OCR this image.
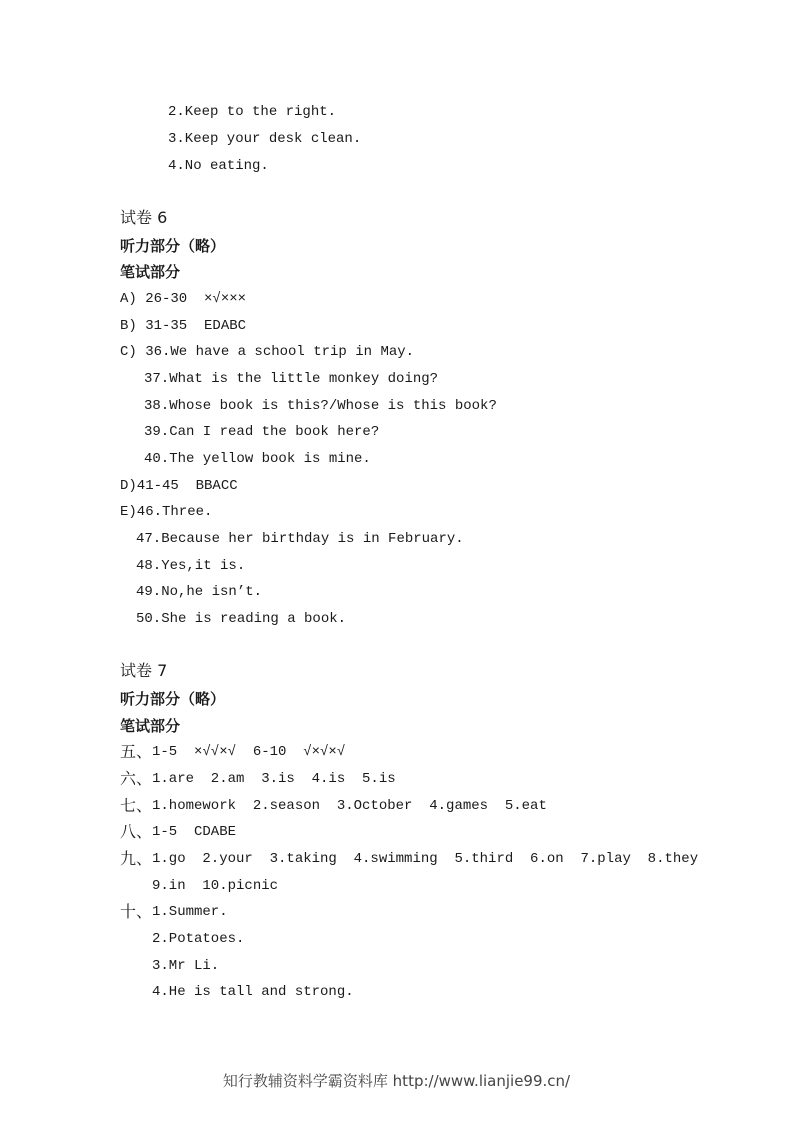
2.Keep to the right.
3.Keep your desk clean.
4.No eating.
试卷 6
听力部分（略）
笔试部分
A) 26-30  ×√×××
B) 31-35  EDABC
C) 36.We have a school trip in May.
37.What is the little monkey doing?
38.Whose book is this?/Whose is this book?
39.Can I read the book here?
40.The yellow book is mine.
D)41-45  BBACC
E)46.Three.
47.Because her birthday is in February.
48.Yes,it is.
49.No,he isn’t.
50.She is reading a book.
试卷 7
听力部分（略）
笔试部分
五、 1-5  ×√√×√  6-10  √×√×√
六、 1.are  2.am  3.is  4.is  5.is
七、 1.homework  2.season  3.October  4.games  5.eat
八、 1-5  CDABE
九、 1.go  2.your  3.taking  4.swimming  5.third  6.on  7.play  8.they
9.in  10.picnic
十、 1.Summer.
2.Potatoes.
3.Mr Li.
4.He is tall and strong.
知行教辅资料学霸资料库 http://www.lianjie99.cn/
